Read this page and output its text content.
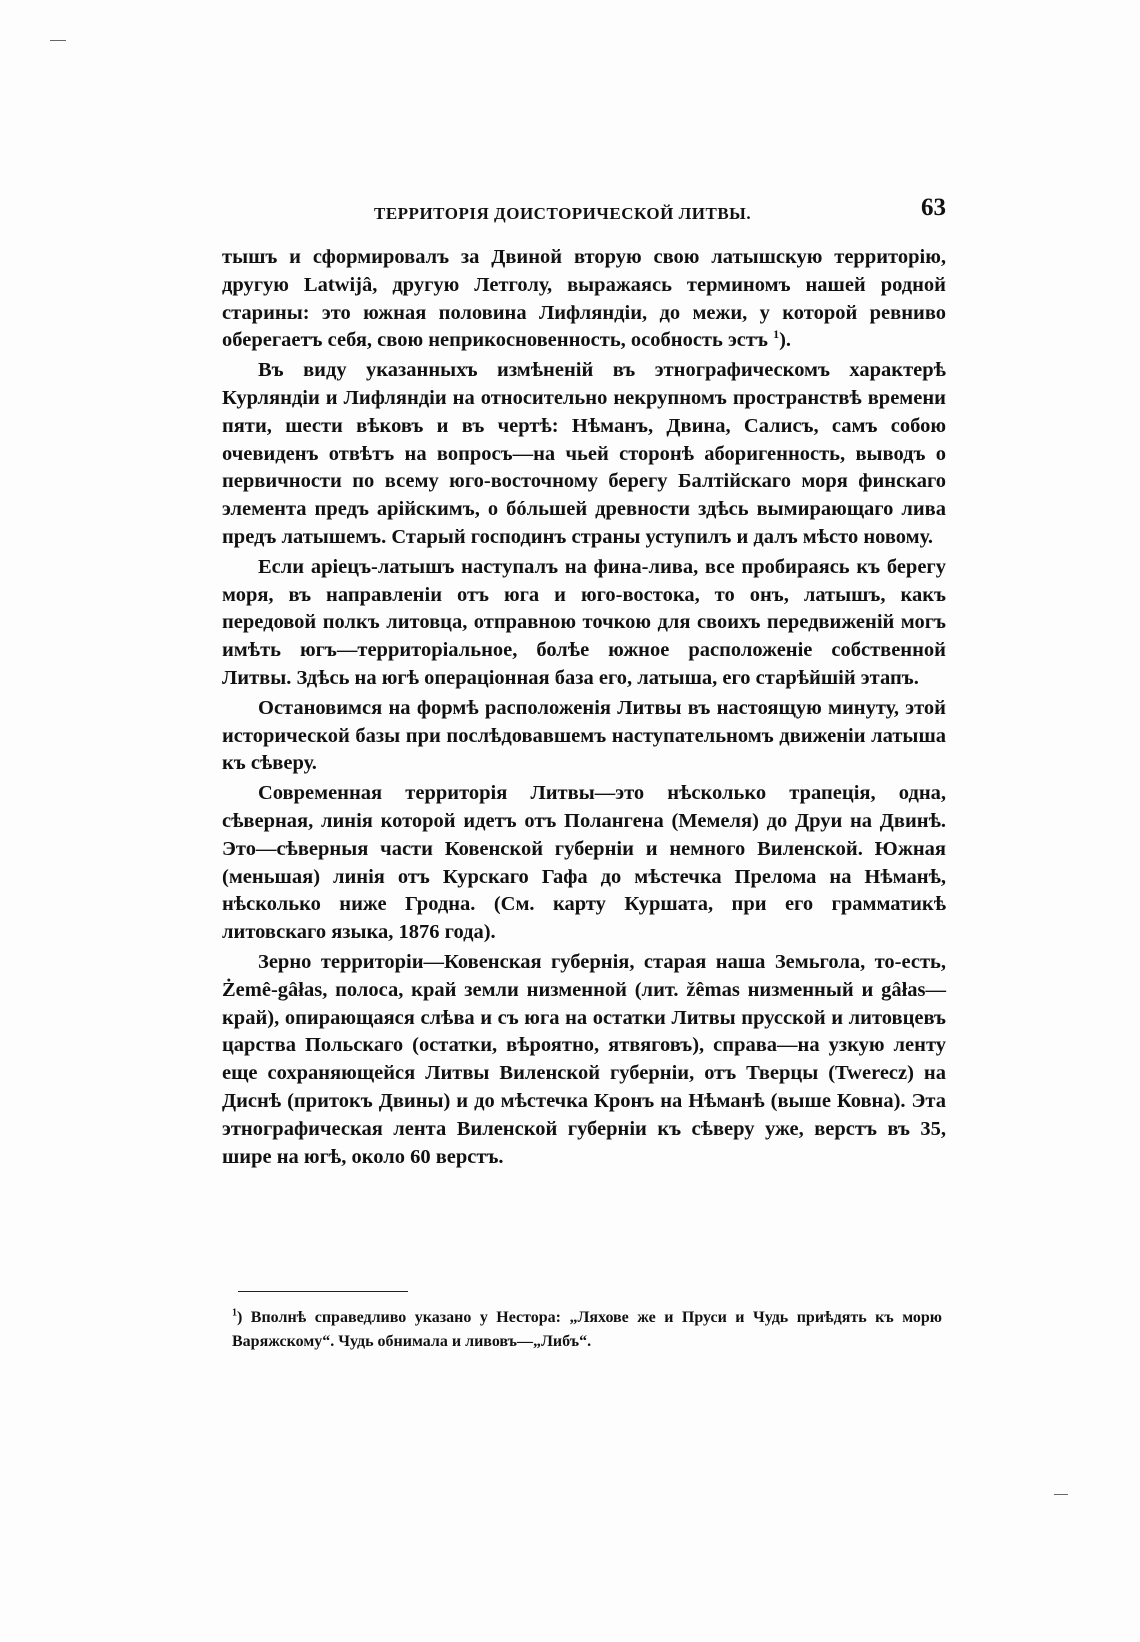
ТЕРРИТОРІЯ ДОИСТОРИЧЕСКОЙ ЛИТВЫ.	63

тышъ и сформировалъ за Двиной вторую свою латышскую территорію, другую Latwijâ, другую Летголу, выражаясь терминомъ нашей родной старины: это южная половина Лифляндіи, до межи, у которой ревниво оберегаетъ себя, свою неприкосновенность, особность эстъ $^1$).

Въ виду указанныхъ измѣненій въ этнографическомъ характерѣ Курляндіи и Лифляндіи на относительно некрупномъ пространствѣ времени пяти, шести вѣковъ и въ чертѣ: Нѣманъ, Двина, Салисъ, самъ собою очевиденъ отвѣтъ на вопросъ—на чьей сторонѣ аборигенность, выводъ о первичности по всему юго-восточному берегу Балтійскаго моря финскаго элемента предъ арійскимъ, о бóльшей древности здѣсь вымирающаго лива предъ латышемъ. Старый господинъ страны уступилъ и далъ мѣсто новому.

Если аріецъ-латышъ наступалъ на фина-лива, все пробираясь къ берегу моря, въ направленіи отъ юга и юго-востока, то онъ, латышъ, какъ передовой полкъ литовца, отправною точкою для своихъ передвиженій могъ имѣть югъ—территоріальное, болѣе южное расположеніе собственной Литвы. Здѣсь на югѣ операціонная база его, латыша, его старѣйшій этапъ.

Остановимся на формѣ расположенія Литвы въ настоящую минуту, этой исторической базы при послѣдовавшемъ наступательномъ движеніи латыша къ сѣверу.

Современная территорія Литвы—это нѣсколько трапеція, одна, сѣверная, линія которой идетъ отъ Полангена (Мемеля) до Друи на Двинѣ. Это—сѣверныя части Ковенской губерніи и немного Виленской. Южная (меньшая) линія отъ Курскаго Гафа до мѣстечка Прелома на Нѣманѣ, нѣсколько ниже Гродна. (См. карту Куршата, при его грамматикѣ литовскаго языка, 1876 года).

Зерно территоріи—Ковенская губернія, старая наша Земьгола, то-есть, Żemê-gâłas, полоса, край земли низменной (лит. žêmas низменный и gâłas—край), опирающаяся слѣва и съ юга на остатки Литвы прусской и литовцевъ царства Польскаго (остатки, вѣроятно, ятвяговъ), справа—на узкую ленту еще сохраняющейся Литвы Виленской губерніи, отъ Тверцы (Twerecz) на Диснѣ (притокъ Двины) и до мѣстечка Кронъ на Нѣманѣ (выше Ковна). Эта этнографическая лента Виленской губерніи къ сѣверу уже, верстъ въ 35, шире на югѣ, около 60 верстъ.

$^1$) Вполнѣ справедливо указано у Нестора: „Ляхове же и Пруси и Чудь приѣдять къ морю Варяжскому“. Чудь обнимала и ливовъ—„Либъ“.
